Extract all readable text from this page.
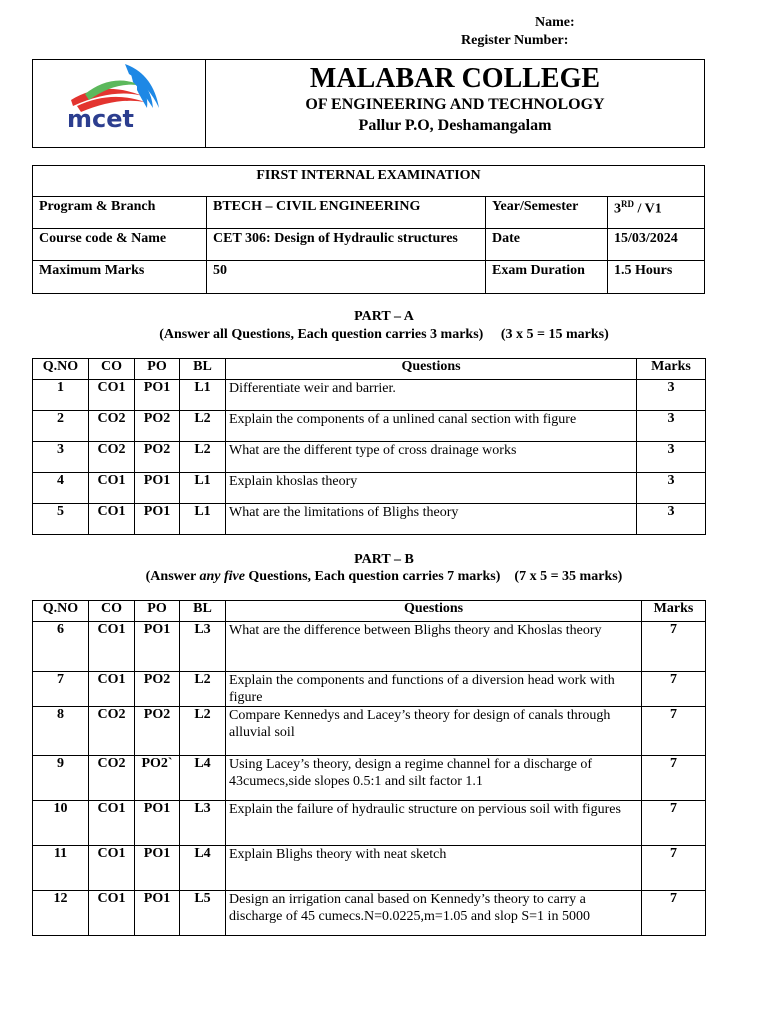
Name:
Register Number:
mcet

MALABAR COLLEGE
OF ENGINEERING AND TECHNOLOGY
Pallur P.O, Deshamangalam
FIRST INTERNAL EXAMINATION			
Program & Branch	BTECH – CIVIL ENGINEERING	Year/Semester	3RD / V1
Course code & Name	CET 306: Design of Hydraulic structures	Date	15/03/2024
Maximum Marks	50	Exam Duration	1.5 Hours
PART – A
(Answer all Questions, Each question carries 3 marks)     (3 x 5 = 15 marks)
Q.NO	CO	PO	BL	Questions	Marks
1	CO1	PO1	L1	Differentiate weir and barrier.	3
2	CO2	PO2	L2	Explain the components of a unlined canal section with figure	3
3	CO2	PO2	L2	What are the different type of cross drainage works	3
4	CO1	PO1	L1	Explain khoslas theory	3
5	CO1	PO1	L1	What are the limitations of Blighs theory	3
PART – B
(Answer any five Questions, Each question carries 7 marks)    (7 x 5 = 35 marks)
Q.NO	CO	PO	BL	Questions	Marks
6	CO1	PO1	L3	What are the difference between Blighs theory and Khoslas theory	7
7	CO1	PO2	L2	Explain the components and functions of a diversion head work with figure	7
8	CO2	PO2	L2	Compare Kennedys and Lacey’s theory for design of canals through alluvial soil	7
9	CO2	PO2`	L4	Using Lacey’s theory, design a regime channel for a discharge of 43cumecs,side slopes 0.5:1 and silt factor 1.1	7
10	CO1	PO1	L3	Explain the failure of hydraulic structure on pervious soil with figures	7
11	CO1	PO1	L4	Explain Blighs theory with neat sketch	7
12	CO1	PO1	L5	Design an irrigation canal based on Kennedy’s theory to carry a discharge of 45 cumecs.N=0.0225,m=1.05 and slop S=1 in 5000	7
